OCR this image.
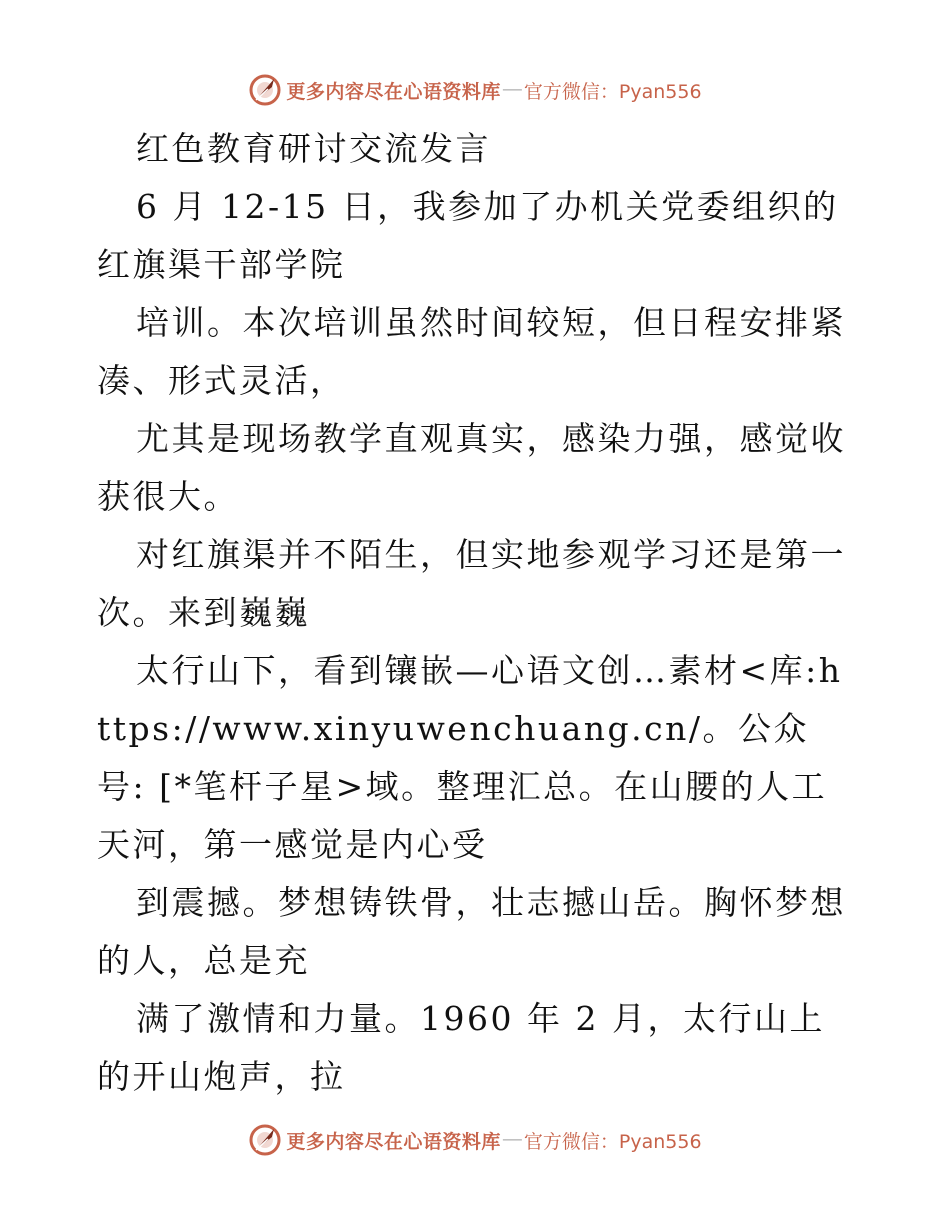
更多内容尽在心语资料库 — 官方微信：Pyan556

红色教育研讨交流发言

6 月 12-15 日，我参加了办机关党委组织的红旗渠干部学院

培训。本次培训虽然时间较短，但日程安排紧凑、形式灵活，

尤其是现场教学直观真实，感染力强，感觉收获很大。

对红旗渠并不陌生，但实地参观学习还是第一次。来到巍巍

太行山下，看到镶嵌—心语文创…素材<库:https://www.xinyuwenchuang.cn/。公众号: [*笔杆子星>域。整理汇总。在山腰的人工天河，第一感觉是内心受

到震撼。梦想铸铁骨，壮志撼山岳。胸怀梦想的人，总是充

满了激情和力量。1960 年 2 月，太行山上的开山炮声，拉

更多内容尽在心语资料库 — 官方微信：Pyan556
